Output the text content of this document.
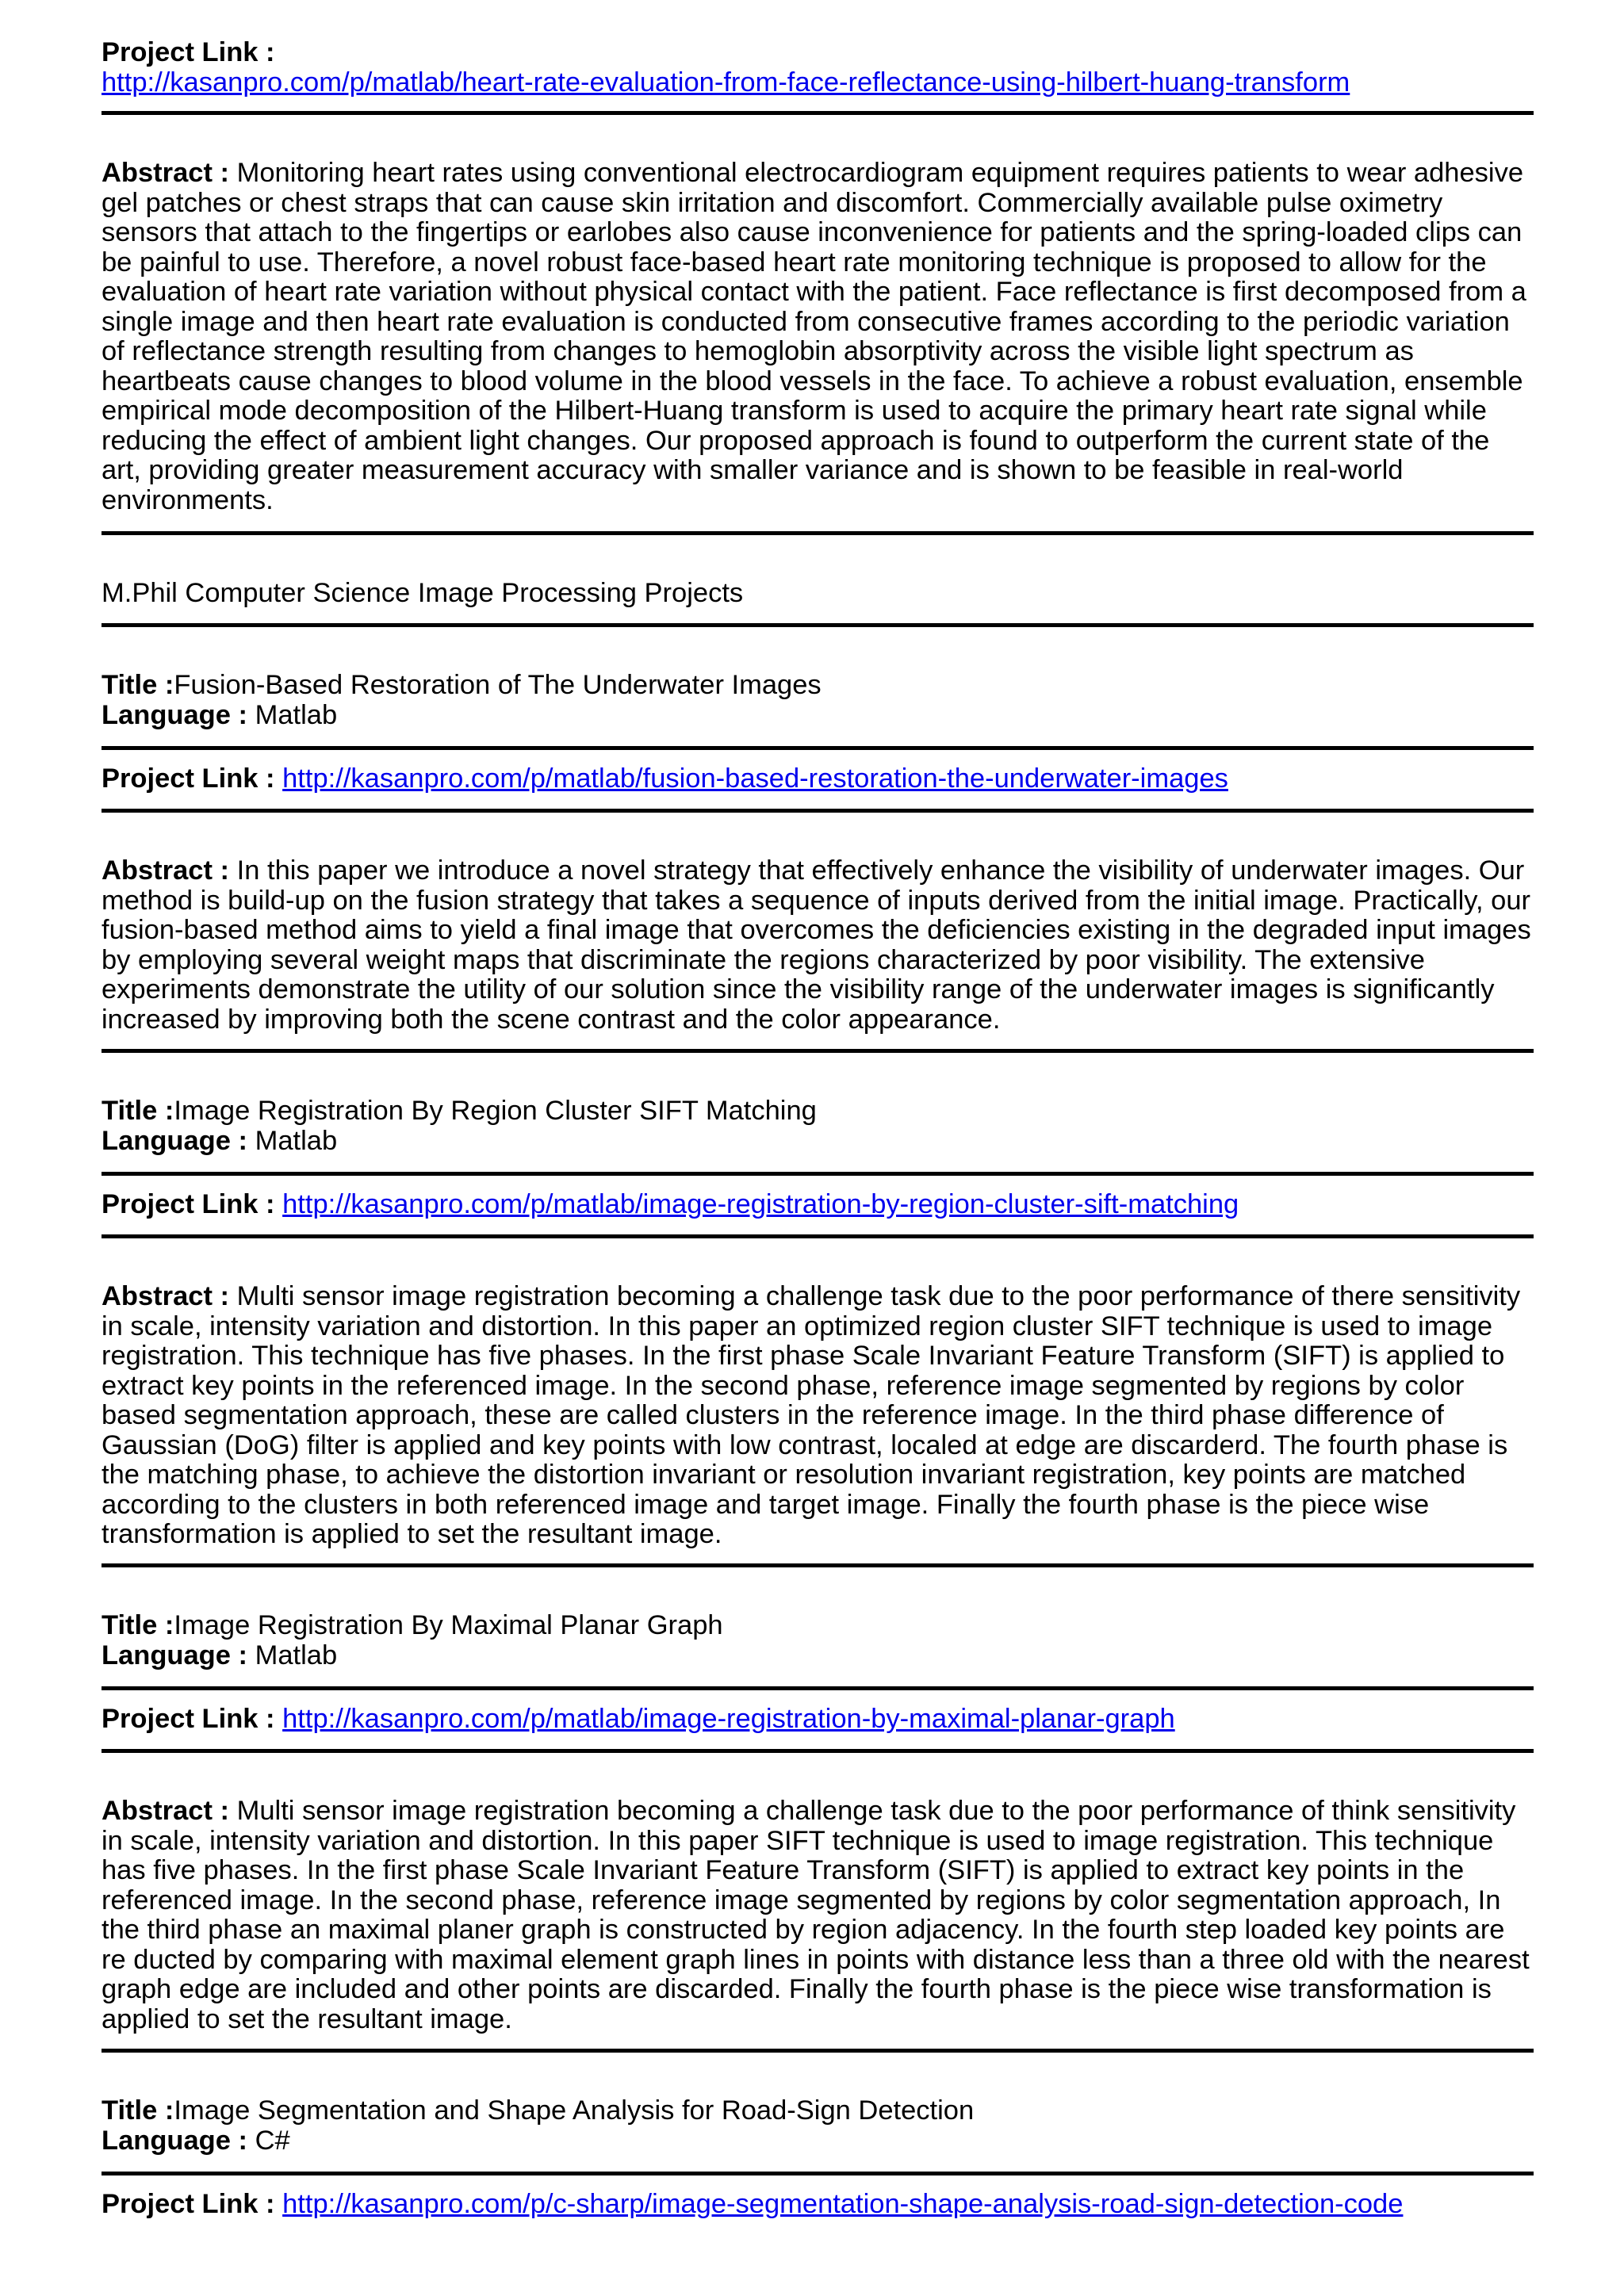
Project Link :
http://kasanpro.com/p/matlab/heart-rate-evaluation-from-face-reflectance-using-hilbert-huang-transform
Abstract : Monitoring heart rates using conventional electrocardiogram equipment requires patients to wear adhesive gel patches or chest straps that can cause skin irritation and discomfort. Commercially available pulse oximetry sensors that attach to the fingertips or earlobes also cause inconvenience for patients and the spring-loaded clips can be painful to use. Therefore, a novel robust face-based heart rate monitoring technique is proposed to allow for the evaluation of heart rate variation without physical contact with the patient. Face reflectance is first decomposed from a single image and then heart rate evaluation is conducted from consecutive frames according to the periodic variation of reflectance strength resulting from changes to hemoglobin absorptivity across the visible light spectrum as heartbeats cause changes to blood volume in the blood vessels in the face. To achieve a robust evaluation, ensemble empirical mode decomposition of the Hilbert-Huang transform is used to acquire the primary heart rate signal while reducing the effect of ambient light changes. Our proposed approach is found to outperform the current state of the art, providing greater measurement accuracy with smaller variance and is shown to be feasible in real-world environments.
M.Phil Computer Science Image Processing Projects
Title :Fusion-Based Restoration of The Underwater Images
Language : Matlab
Project Link : http://kasanpro.com/p/matlab/fusion-based-restoration-the-underwater-images
Abstract : In this paper we introduce a novel strategy that effectively enhance the visibility of underwater images. Our method is build-up on the fusion strategy that takes a sequence of inputs derived from the initial image. Practically, our fusion-based method aims to yield a final image that overcomes the deficiencies existing in the degraded input images by employing several weight maps that discriminate the regions characterized by poor visibility. The extensive experiments demonstrate the utility of our solution since the visibility range of the underwater images is significantly increased by improving both the scene contrast and the color appearance.
Title :Image Registration By Region Cluster SIFT Matching
Language : Matlab
Project Link : http://kasanpro.com/p/matlab/image-registration-by-region-cluster-sift-matching
Abstract : Multi sensor image registration becoming a challenge task due to the poor performance of there sensitivity in scale, intensity variation and distortion. In this paper an optimized region cluster SIFT technique is used to image registration. This technique has five phases. In the first phase Scale Invariant Feature Transform (SIFT) is applied to extract key points in the referenced image. In the second phase, reference image segmented by regions by color based segmentation approach, these are called clusters in the reference image. In the third phase difference of Gaussian (DoG) filter is applied and key points with low contrast, localed at edge are discarderd. The fourth phase is the matching phase, to achieve the distortion invariant or resolution invariant registration, key points are matched according to the clusters in both referenced image and target image. Finally the fourth phase is the piece wise transformation is applied to set the resultant image.
Title :Image Registration By Maximal Planar Graph
Language : Matlab
Project Link : http://kasanpro.com/p/matlab/image-registration-by-maximal-planar-graph
Abstract : Multi sensor image registration becoming a challenge task due to the poor performance of think sensitivity in scale, intensity variation and distortion. In this paper SIFT technique is used to image registration. This technique has five phases. In the first phase Scale Invariant Feature Transform (SIFT) is applied to extract key points in the referenced image. In the second phase, reference image segmented by regions by color segmentation approach, In the third phase an maximal planer graph is constructed by region adjacency. In the fourth step loaded key points are re ducted by comparing with maximal element graph lines in points with distance less than a three old with the nearest graph edge are included and other points are discarded. Finally the fourth phase is the piece wise transformation is applied to set the resultant image.
Title :Image Segmentation and Shape Analysis for Road-Sign Detection
Language : C#
Project Link : http://kasanpro.com/p/c-sharp/image-segmentation-shape-analysis-road-sign-detection-code
